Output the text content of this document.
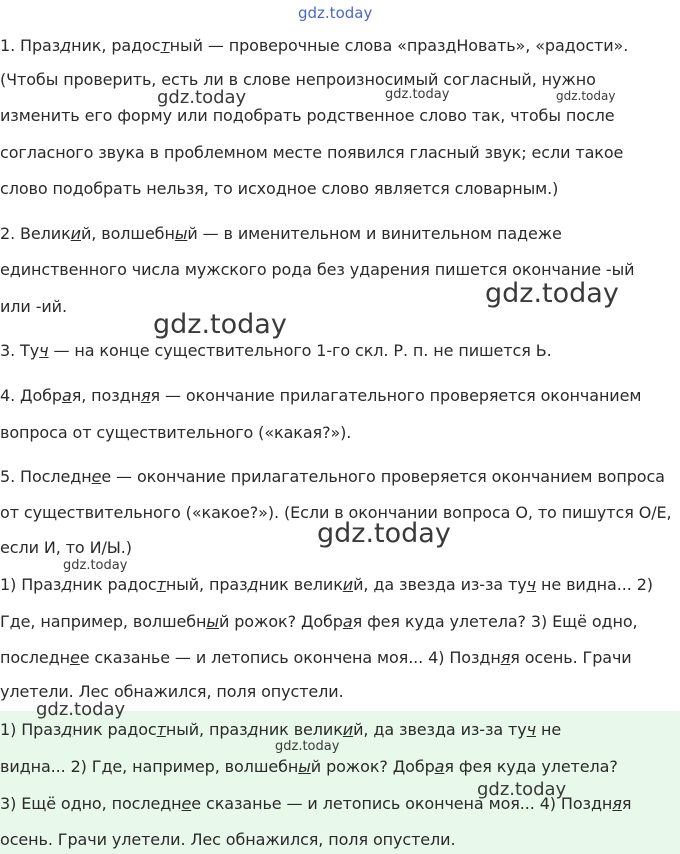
1. Праздник, радостный — проверочные слова «праздНовать», «радости».
(Чтобы проверить, есть ли в слове непроизносимый согласный, нужно
изменить его форму или подобрать родственное слово так, чтобы после
согласного звука в проблемном месте появился гласный звук; если такое
слово подобрать нельзя, то исходное слово является словарным.)
2. Великий, волшебный — в именительном и винительном падеже
единственного числа мужского рода без ударения пишется окончание -ый
или -ий.
3. Туч — на конце существительного 1-го скл. Р. п. не пишется Ь.
4. Добрая, поздняя — окончание прилагательного проверяется окончанием
вопроса от существительного («какая?»).
5. Последнее — окончание прилагательного проверяется окончанием вопроса
от существительного («какое?»). (Если в окончании вопроса О, то пишутся О/Е,
если И, то И/Ы.)
1) Праздник радостный, праздник великий, да звезда из-за туч не видна... 2)
Где, например, волшебный рожок? Добрая фея куда улетела? 3) Ещё одно,
последнее сказанье — и летопись окончена моя... 4) Поздняя осень. Грачи
улетели. Лес обнажился, поля опустели.
1) Праздник радостный, праздник великий, да звезда из-за туч не
видна... 2) Где, например, волшебный рожок? Добрая фея куда улетела?
3) Ещё одно, последнее сказанье — и летопись окончена моя... 4) Поздняя
осень. Грачи улетели. Лес обнажился, поля опустели.
gdz.today
gdz.today	gdz.today	gdz.today
gdz.today
gdz.today
gdz.today
gdz.today
gdz.today
gdz.today
gdz.today
